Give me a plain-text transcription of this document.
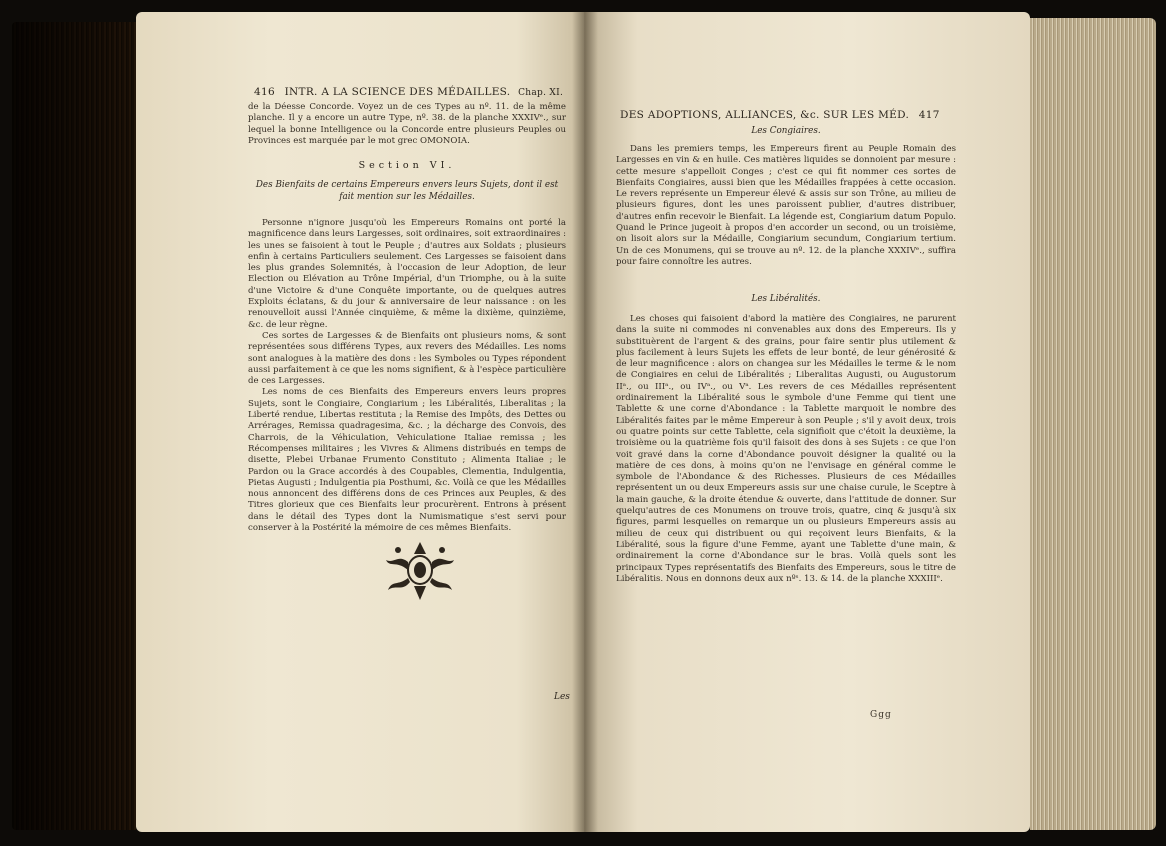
416 INTR. A LA SCIENCE DES MÉDAILLES. Chap. XI.

de la Déesse Concorde. Voyez un de ces Types au nº. 11. de la même planche. Il y a encore un autre Type, nº. 38. de la planche XXXIVᵉ., sur lequel la bonne Intelligence ou la Concorde entre plusieurs Peuples ou Provinces est marquée par le mot grec ΟΜΟΝΟΙΑ.

Section VI.
Des Bienfaits de certains Empereurs envers leurs Sujets, dont il est fait mention sur les Médailles.

Personne n'ignore jusqu'où les Empereurs Romains ont porté la magnificence dans leurs Largesses, soit ordinaires, soit extraordinaires : les unes se faisoient à tout le Peuple ; d'autres aux Soldats ; plusieurs enfin à certains Particuliers seulement. Ces Largesses se faisoient dans les plus grandes Solemnités, à l'occasion de leur Adoption, de leur Election ou Elévation au Trône Impérial, d'un Triomphe, ou à la suite d'une Victoire & d'une Conquête importante, ou de quelques autres Exploits éclatans, & du jour & anniversaire de leur naissance : on les renouvelloit aussi l'Année cinquième, & même la dixième, quinzième, &c. de leur règne.

Ces sortes de Largesses & de Bienfaits ont plusieurs noms, & sont représentées sous différens Types, aux revers des Médailles. Les noms sont analogues à la matière des dons : les Symboles ou Types répondent aussi parfaitement à ce que les noms signifient, & à l'espèce particulière de ces Largesses.

Les noms de ces Bienfaits des Empereurs envers leurs propres Sujets, sont le Congiaire, Congiarium ; les Libéralités, Liberalitas ; la Liberté rendue, Libertas restituta ; la Remise des Impôts, des Dettes ou Arrérages, Remissa quadragesima, &c. ; la décharge des Convois, des Charrois, de la Véhiculation, Vehiculatione Italiae remissa ; les Récompenses militaires ; les Vivres & Alimens distribués en temps de disette, Plebei Urbanae Frumento Constituto ; Alimenta Italiae ; le Pardon ou la Grace accordés à des Coupables, Clementia, Indulgentia, Pietas Augusti ; Indulgentia pia Posthumi, &c. Voilà ce que les Médailles nous annoncent des différens dons de ces Princes aux Peuples, & des Titres glorieux que ces Bienfaits leur procurèrent. Entrons à présent dans le détail des Types dont la Numismatique s'est servi pour conserver à la Postérité la mémoire de ces mêmes Bienfaits.

Les
DES ADOPTIONS, ALLIANCES, &c. SUR LES MÉD. 417
Les Congiaires.

Dans les premiers temps, les Empereurs firent au Peuple Romain des Largesses en vin & en huile. Ces matières liquides se donnoient par mesure : cette mesure s'appelloit Conges ; c'est ce qui fit nommer ces sortes de Bienfaits Congiaires, aussi bien que les Médailles frappées à cette occasion. Le revers représente un Empereur élevé & assis sur son Trône, au milieu de plusieurs figures, dont les unes paroissent publier, d'autres distribuer, d'autres enfin recevoir le Bienfait. La légende est, Congiarium datum Populo. Quand le Prince jugeoit à propos d'en accorder un second, ou un troisième, on lisoit alors sur la Médaille, Congiarium secundum, Congiarium tertium. Un de ces Monumens, qui se trouve au nº. 12. de la planche XXXIVᵉ., suffira pour faire connoître les autres.

Les Libéralités.

Les choses qui faisoient d'abord la matière des Congiaires, ne parurent dans la suite ni commodes ni convenables aux dons des Empereurs. Ils y substituèrent de l'argent & des grains, pour faire sentir plus utilement & plus facilement à leurs Sujets les effets de leur bonté, de leur générosité & de leur magnificence : alors on changea sur les Médailles le terme & le nom de Congiaires en celui de Libéralités ; Liberalitas Augusti, ou Augustorum IIᵃ., ou IIIᵃ., ou IVᵃ., ou Vᵃ. Les revers de ces Médailles représentent ordinairement la Libéralité sous le symbole d'une Femme qui tient une Tablette & une corne d'Abondance : la Tablette marquoit le nombre des Libéralités faites par le même Empereur à son Peuple ; s'il y avoit deux, trois ou quatre points sur cette Tablette, cela signifioit que c'étoit la deuxième, la troisième ou la quatrième fois qu'il faisoit des dons à ses Sujets : ce que l'on voit gravé dans la corne d'Abondance pouvoit désigner la qualité ou la matière de ces dons, à moins qu'on ne l'envisage en général comme le symbole de l'Abondance & des Richesses. Plusieurs de ces Médailles représentent un ou deux Empereurs assis sur une chaise curule, le Sceptre à la main gauche, & la droite étendue & ouverte, dans l'attitude de donner. Sur quelqu'autres de ces Monumens on trouve trois, quatre, cinq & jusqu'à six figures, parmi lesquelles on remarque un ou plusieurs Empereurs assis au milieu de ceux qui distribuent ou qui reçoivent leurs Bienfaits, & la Libéralité, sous la figure d'une Femme, ayant une Tablette d'une main, & ordinairement la corne d'Abondance sur le bras. Voilà quels sont les principaux Types représentatifs des Bienfaits des Empereurs, sous le titre de Libéralitis. Nous en donnons deux aux nºˢ. 13. & 14. de la planche XXXIIIᵉ.

Ggg
